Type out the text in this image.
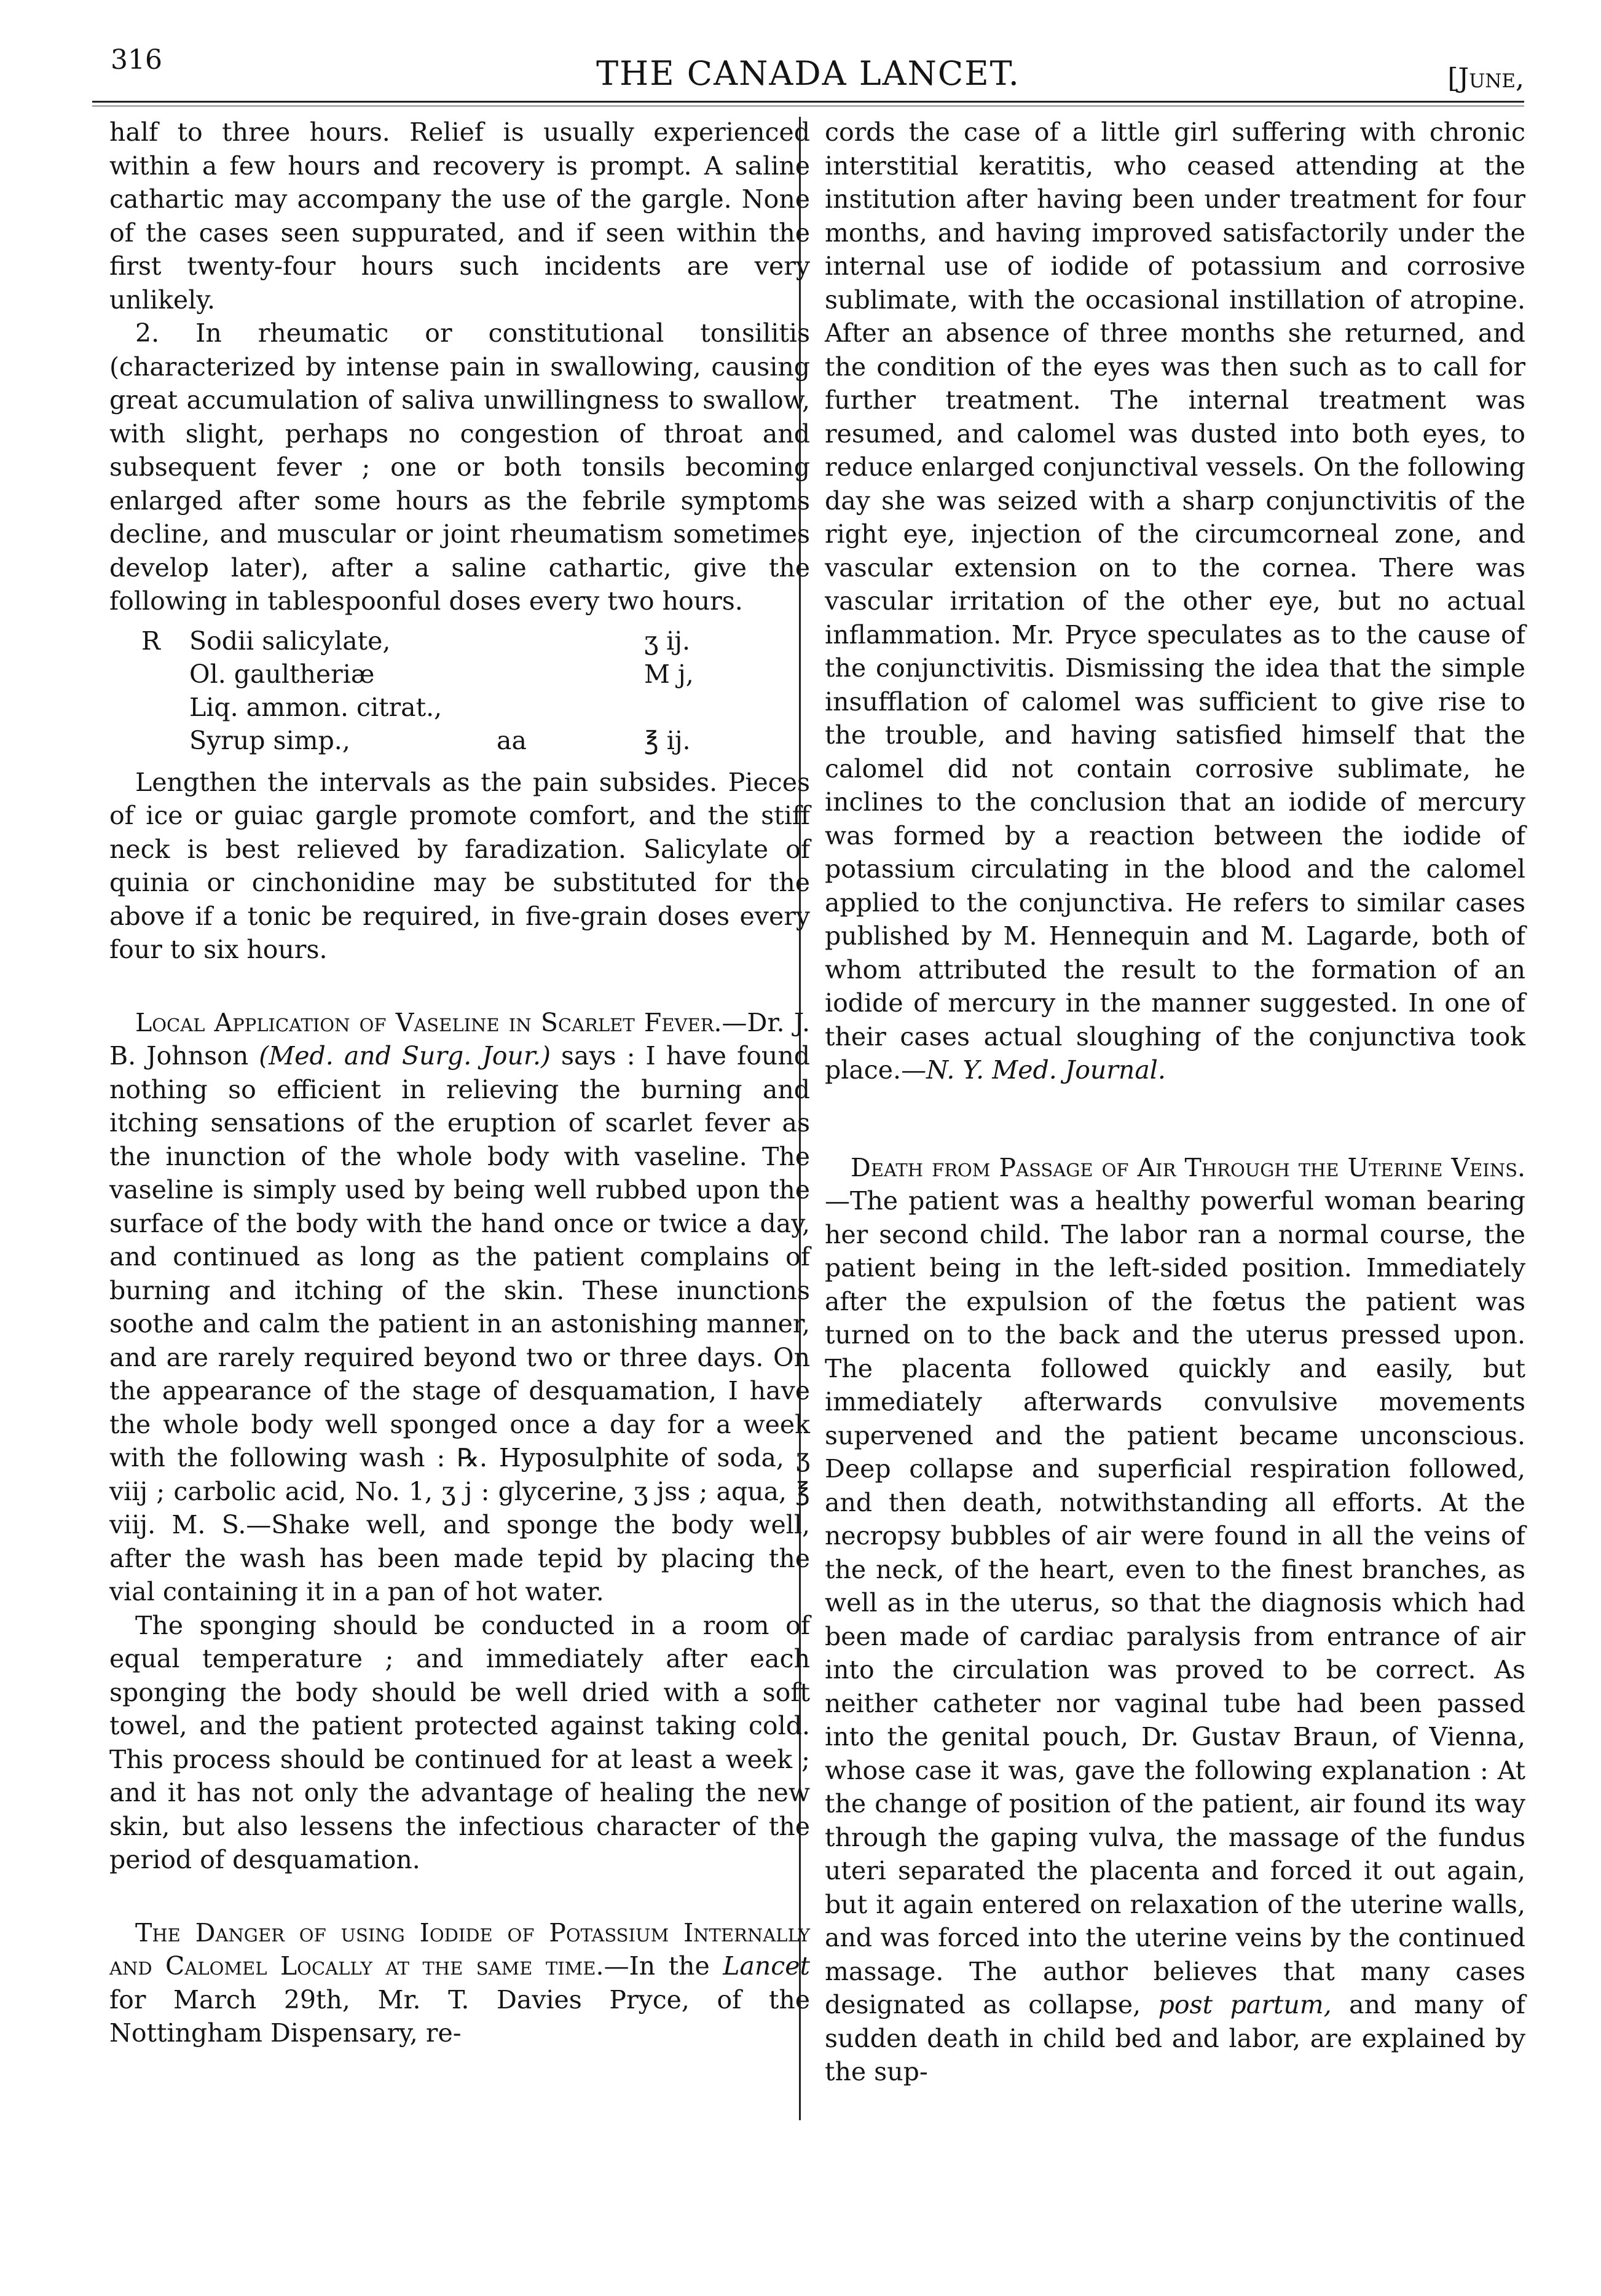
316	THE CANADA LANCET.	[June,

half to three hours. Relief is usually experienced within a few hours and recovery is prompt. A saline cathartic may accompany the use of the gargle. None of the cases seen suppurated, and if seen within the first twenty-four hours such incidents are very unlikely.

2. In rheumatic or constitutional tonsilitis (characterized by intense pain in swallowing, causing great accumulation of saliva unwillingness to swallow, with slight, perhaps no congestion of throat and subsequent fever ; one or both tonsils becoming enlarged after some hours as the febrile symptoms decline, and muscular or joint rheumatism sometimes develop later), after a saline cathartic, give the following in tablespoonful doses every two hours.

R	Sodii salicylate,	ʒ ij.
Ol. gaultheriæ	M j,
Liq. ammon. citrat.,
Syrup simp.,	aa	℥ ij.

Lengthen the intervals as the pain subsides. Pieces of ice or guiac gargle promote comfort, and the stiff neck is best relieved by faradization. Salicylate of quinia or cinchonidine may be substituted for the above if a tonic be required, in five-grain doses every four to six hours.

Local Application of Vaseline in Scarlet Fever.—Dr. J. B. Johnson (Med. and Surg. Jour.) says : I have found nothing so efficient in relieving the burning and itching sensations of the eruption of scarlet fever as the inunction of the whole body with vaseline. The vaseline is simply used by being well rubbed upon the surface of the body with the hand once or twice a day, and continued as long as the patient complains of burning and itching of the skin. These inunctions soothe and calm the patient in an astonishing manner, and are rarely required beyond two or three days. On the appearance of the stage of desquamation, I have the whole body well sponged once a day for a week with the following wash : ℞. Hyposulphite of soda, ʒ viij ; carbolic acid, No. 1, ʒ j : glycerine, ʒ jss ; aqua, ℥ viij. M. S.—Shake well, and sponge the body well, after the wash has been made tepid by placing the vial containing it in a pan of hot water.

The sponging should be conducted in a room of equal temperature ; and immediately after each sponging the body should be well dried with a soft towel, and the patient protected against taking cold. This process should be continued for at least a week ; and it has not only the advantage of healing the new skin, but also lessens the infectious character of the period of desquamation.

The Danger of using Iodide of Potassium Internally and Calomel Locally at the same time.—In the Lancet for March 29th, Mr. T. Davies Pryce, of the Nottingham Dispensary, re-

cords the case of a little girl suffering with chronic interstitial keratitis, who ceased attending at the institution after having been under treatment for four months, and having improved satisfactorily under the internal use of iodide of potassium and corrosive sublimate, with the occasional instillation of atropine. After an absence of three months she returned, and the condition of the eyes was then such as to call for further treatment. The internal treatment was resumed, and calomel was dusted into both eyes, to reduce enlarged conjunctival vessels. On the following day she was seized with a sharp conjunctivitis of the right eye, injection of the circumcorneal zone, and vascular extension on to the cornea. There was vascular irritation of the other eye, but no actual inflammation. Mr. Pryce speculates as to the cause of the conjunctivitis. Dismissing the idea that the simple insufflation of calomel was sufficient to give rise to the trouble, and having satisfied himself that the calomel did not contain corrosive sublimate, he inclines to the conclusion that an iodide of mercury was formed by a reaction between the iodide of potassium circulating in the blood and the calomel applied to the conjunctiva. He refers to similar cases published by M. Hennequin and M. Lagarde, both of whom attributed the result to the formation of an iodide of mercury in the manner suggested. In one of their cases actual sloughing of the conjunctiva took place.—N. Y. Med. Journal.

Death from Passage of Air Through the Uterine Veins.—The patient was a healthy powerful woman bearing her second child. The labor ran a normal course, the patient being in the left-sided position. Immediately after the expulsion of the fœtus the patient was turned on to the back and the uterus pressed upon. The placenta followed quickly and easily, but immediately afterwards convulsive movements supervened and the patient became unconscious. Deep collapse and superficial respiration followed, and then death, notwithstanding all efforts. At the necropsy bubbles of air were found in all the veins of the neck, of the heart, even to the finest branches, as well as in the uterus, so that the diagnosis which had been made of cardiac paralysis from entrance of air into the circulation was proved to be correct. As neither catheter nor vaginal tube had been passed into the genital pouch, Dr. Gustav Braun, of Vienna, whose case it was, gave the following explanation : At the change of position of the patient, air found its way through the gaping vulva, the massage of the fundus uteri separated the placenta and forced it out again, but it again entered on relaxation of the uterine walls, and was forced into the uterine veins by the continued massage. The author believes that many cases designated as collapse, post partum, and many of sudden death in child bed and labor, are explained by the sup-
